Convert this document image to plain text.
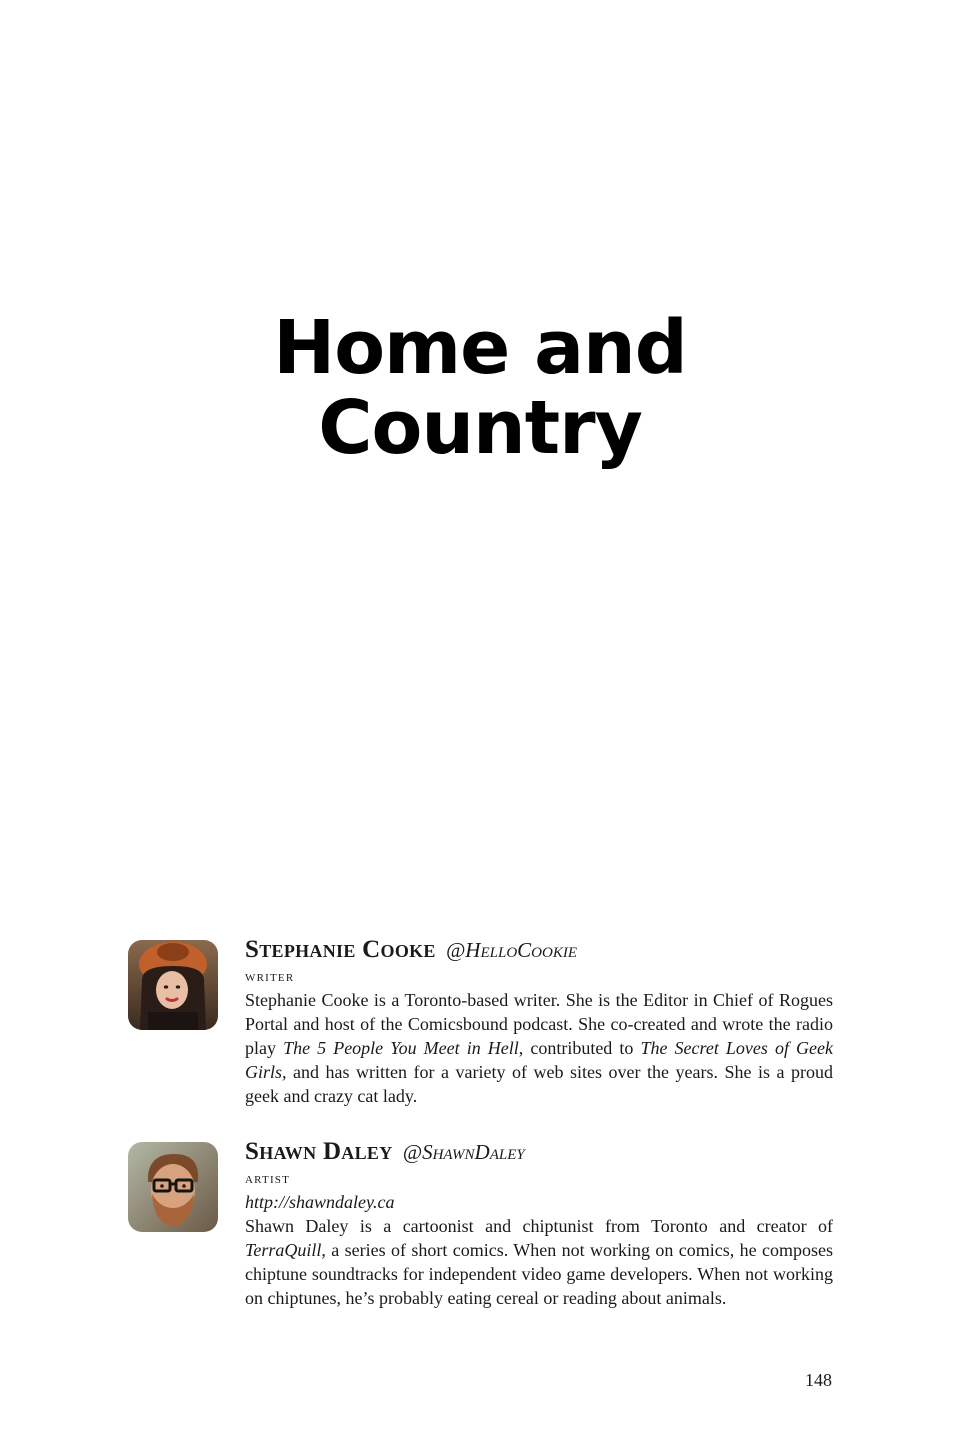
Home and
Country
Stephanie Cooke @HelloCookie
writer

Stephanie Cooke is a Toronto-based writer. She is the Editor in Chief of Rogues Portal and host of the Comicsbound podcast. She co-created and wrote the radio play The 5 People You Meet in Hell, contributed to The Secret Loves of Geek Girls, and has written for a variety of web sites over the years. She is a proud geek and crazy cat lady.

Shawn Daley @ShawnDaley
artist
http://shawndaley.ca

Shawn Daley is a cartoonist and chiptunist from Toronto and creator of TerraQuill, a series of short comics. When not working on comics, he composes chiptune soundtracks for independent video game developers. When not working on chiptunes, he’s probably eating cereal or reading about animals.

148
